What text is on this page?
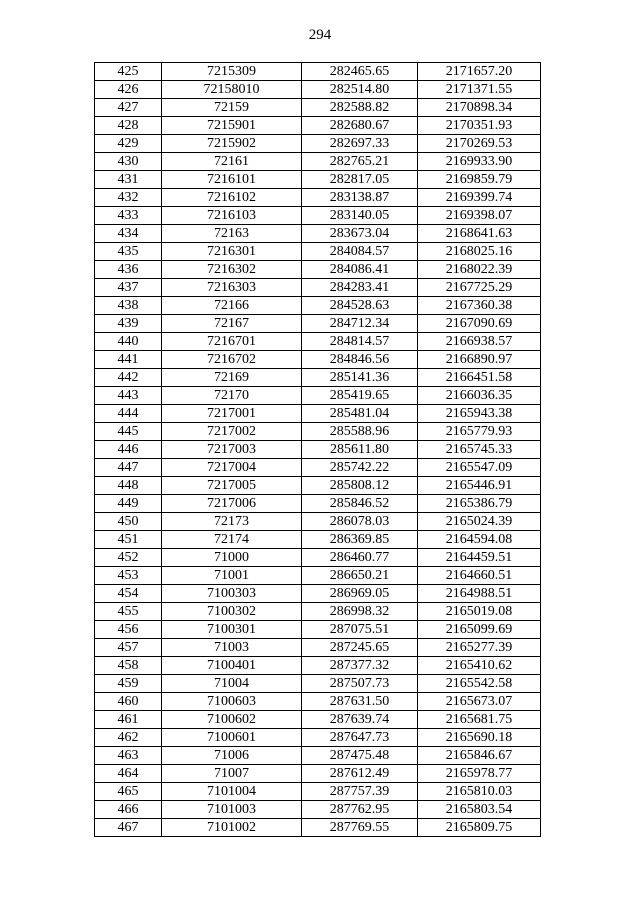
294
425	7215309	282465.65	2171657.20
426	72158010	282514.80	2171371.55
427	72159	282588.82	2170898.34
428	7215901	282680.67	2170351.93
429	7215902	282697.33	2170269.53
430	72161	282765.21	2169933.90
431	7216101	282817.05	2169859.79
432	7216102	283138.87	2169399.74
433	7216103	283140.05	2169398.07
434	72163	283673.04	2168641.63
435	7216301	284084.57	2168025.16
436	7216302	284086.41	2168022.39
437	7216303	284283.41	2167725.29
438	72166	284528.63	2167360.38
439	72167	284712.34	2167090.69
440	7216701	284814.57	2166938.57
441	7216702	284846.56	2166890.97
442	72169	285141.36	2166451.58
443	72170	285419.65	2166036.35
444	7217001	285481.04	2165943.38
445	7217002	285588.96	2165779.93
446	7217003	285611.80	2165745.33
447	7217004	285742.22	2165547.09
448	7217005	285808.12	2165446.91
449	7217006	285846.52	2165386.79
450	72173	286078.03	2165024.39
451	72174	286369.85	2164594.08
452	71000	286460.77	2164459.51
453	71001	286650.21	2164660.51
454	7100303	286969.05	2164988.51
455	7100302	286998.32	2165019.08
456	7100301	287075.51	2165099.69
457	71003	287245.65	2165277.39
458	7100401	287377.32	2165410.62
459	71004	287507.73	2165542.58
460	7100603	287631.50	2165673.07
461	7100602	287639.74	2165681.75
462	7100601	287647.73	2165690.18
463	71006	287475.48	2165846.67
464	71007	287612.49	2165978.77
465	7101004	287757.39	2165810.03
466	7101003	287762.95	2165803.54
467	7101002	287769.55	2165809.75
